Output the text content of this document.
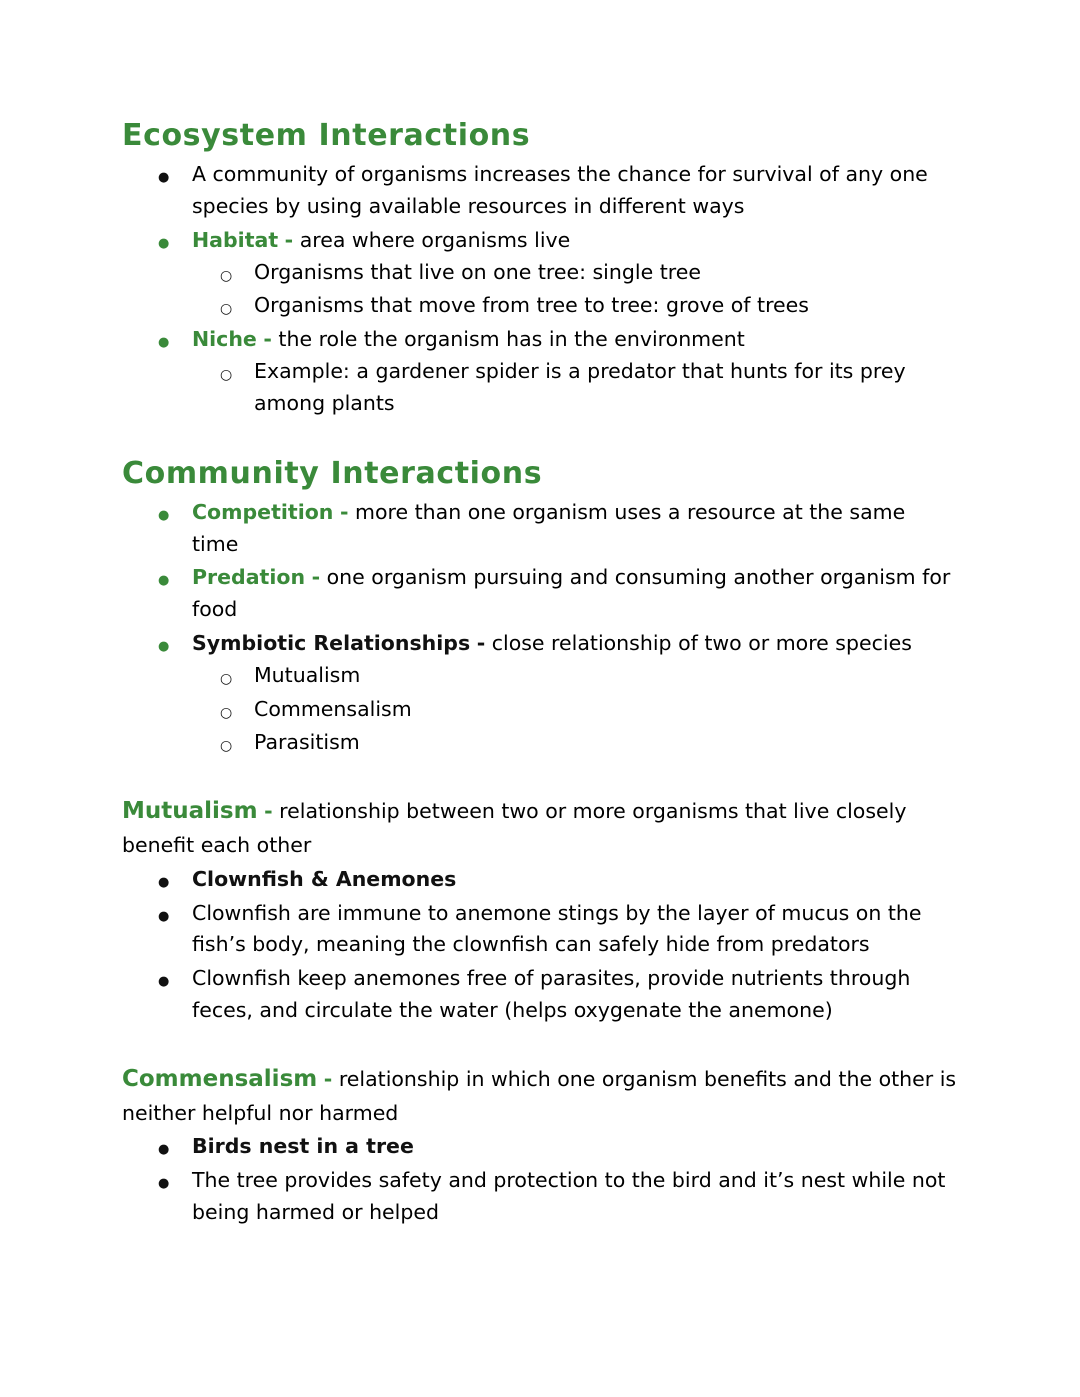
Ecosystem Interactions
●
A community of organisms increases the chance for survival of any one species by using available resources in different ways
●
Habitat - area where organisms live
○
Organisms that live on one tree: single tree
○
Organisms that move from tree to tree: grove of trees
●
Niche - the role the organism has in the environment
○
Example: a gardener spider is a predator that hunts for its prey among plants
Community Interactions
●
Competition - more than one organism uses a resource at the same time
●
Predation - one organism pursuing and consuming another organism for food
●
Symbiotic Relationships - close relationship of two or more species
○
Mutualism
○
Commensalism
○
Parasitism

Mutualism - relationship between two or more organisms that live closely benefit each other

●
Clownfish & Anemones
●
Clownfish are immune to anemone stings by the layer of mucus on the fish’s body, meaning the clownfish can safely hide from predators
●
Clownfish keep anemones free of parasites, provide nutrients through feces, and circulate the water (helps oxygenate the anemone)

Commensalism - relationship in which one organism benefits and the other is neither helpful nor harmed

●
Birds nest in a tree
●
The tree provides safety and protection to the bird and it’s nest while not being harmed or helped
